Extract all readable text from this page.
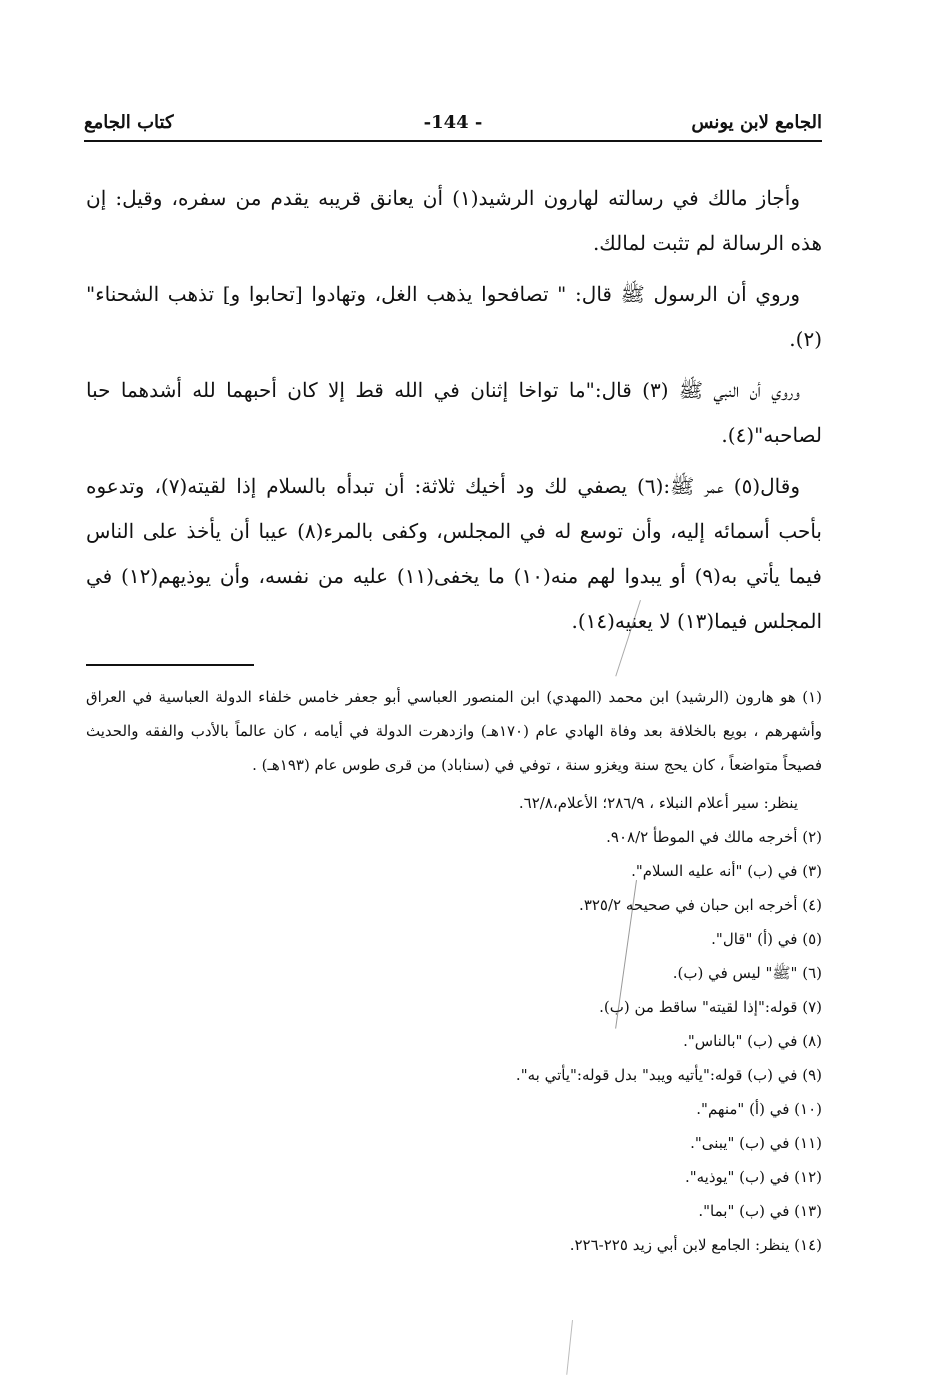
الجامع لابن يونس
-144 -
كتاب الجامع

وأجاز مالك في رسالته لهارون الرشيد(١) أن يعانق قريبه يقدم من سفره، وقيل: إن هذه الرسالة لم تثبت لمالك.

وروي أن الرسول ﷺ قال: " تصافحوا يذهب الغل، وتهادوا [تحابوا و] تذهب الشحناء"(٢).

وروي أن النبي ﷺ (٣) قال:"ما تواخا إثنان في الله قط إلا كان أحبهما لله أشدهما حبا لصاحبه"(٤).

وقال(٥) عمر ﷺ:(٦) يصفي لك ود أخيك ثلاثة: أن تبدأه بالسلام إذا لقيته(٧)، وتدعوه بأحب أسمائه إليه، وأن توسع له في المجلس، وكفى بالمرء(٨) عيبا أن يأخذ على الناس فيما يأتي به(٩) أو يبدوا لهم منه(١٠) ما يخفى(١١) عليه من نفسه، وأن يوذيهم(١٢) في المجلس فيما(١٣) لا يعنيه(١٤).

(١) هو هارون (الرشيد) ابن محمد (المهدي) ابن المنصور العباسي أبو جعفر خامس خلفاء الدولة العباسية في العراق وأشهرهم ، بويع بالخلافة بعد وفاة الهادي عام (١٧٠هـ) وازدهرت الدولة في أيامه ، كان عالماً بالأدب والفقه والحديث فصيحاً متواضعاً ، كان يحج سنة ويغزو سنة ، توفي في (سناباد) من قرى طوس عام (١٩٣هـ) .

ينظر: سير أعلام النبلاء ، ٢٨٦/٩؛ الأعلام،٦٢/٨.

(٢) أخرجه مالك في الموطأ ٩٠٨/٢.

(٣) في (ب) "أنه عليه السلام".

(٤) أخرجه ابن حبان في صحيحه ٣٢٥/٢.

(٥) في (أ) "قال".

(٦) "ﷺ" ليس في (ب).

(٧) قوله:"إذا لقيته" ساقط من (ب).

(٨) في (ب) "بالناس".

(٩) في (ب) قوله:"يأتيه ويبد" بدل قوله:"يأتي به".

(١٠) في (أ) "منهم".

(١١) في (ب) "يبنى".

(١٢) في (ب) "يوذيه".

(١٣) في (ب) "بما".

(١٤) ينظر: الجامع لابن أبي زيد ٢٢٥-٢٢٦.
